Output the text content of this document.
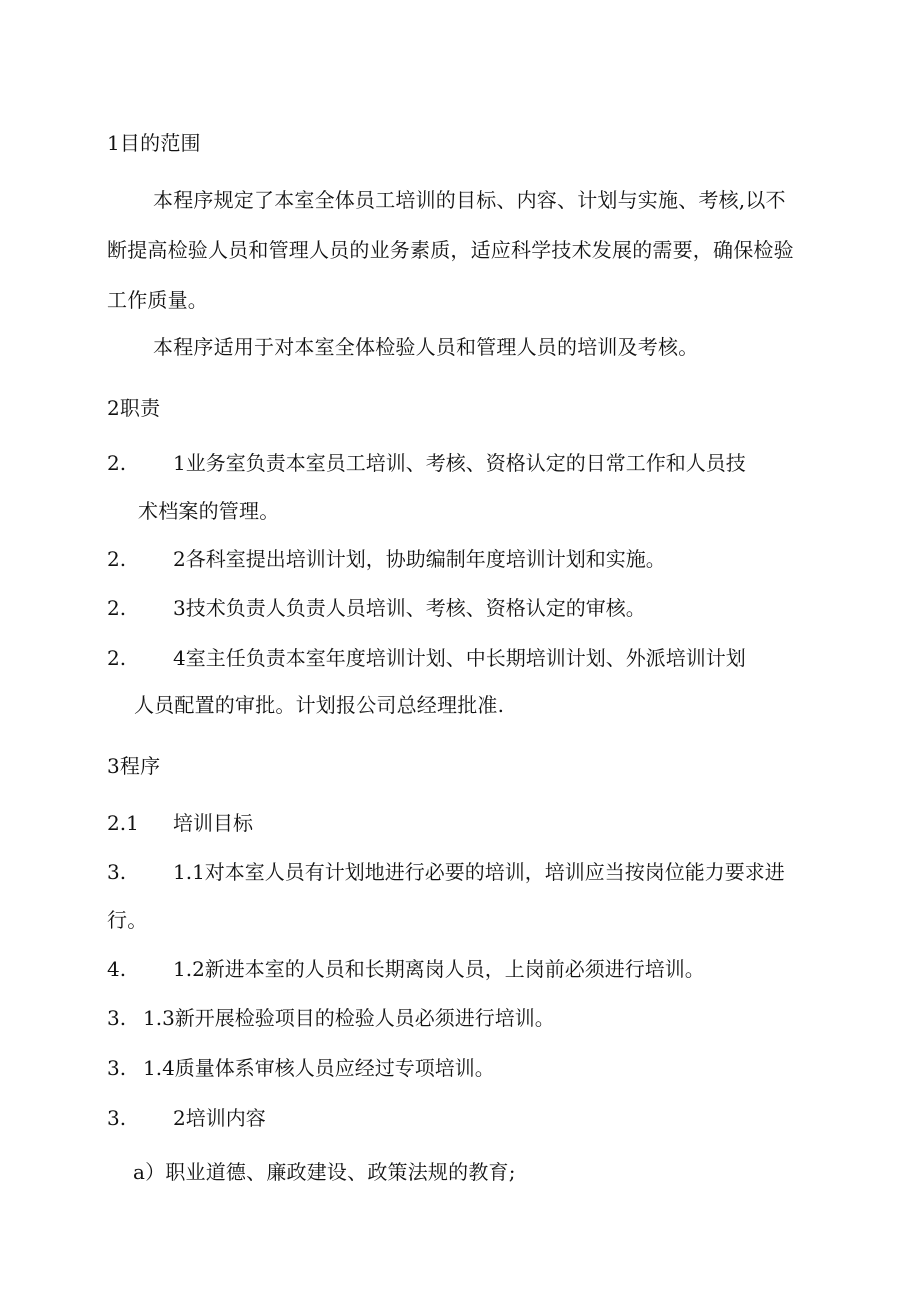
1目的范围
本程序规定了本室全体员工培训的目标、内容、计划与实施、考核,以不
断提高检验人员和管理人员的业务素质，适应科学技术发展的需要，确保检验
工作质量。
本程序适用于对本室全体检验人员和管理人员的培训及考核。
2职责
2.	1业务室负责本室员工培训、考核、资格认定的日常工作和人员技
术档案的管理。
2.	2各科室提出培训计划，协助编制年度培训计划和实施。
2.	3技术负责人负责人员培训、考核、资格认定的审核。
2.	4室主任负责本室年度培训计划、中长期培训计划、外派培训计划
人员配置的审批。计划报公司总经理批准.
3程序
2.1	培训目标
3.	1.1对本室人员有计划地进行必要的培训，培训应当按岗位能力要求进
行。
4.	1.2新进本室的人员和长期离岗人员，上岗前必须进行培训。
3. 1.3新开展检验项目的检验人员必须进行培训。
3. 1.4质量体系审核人员应经过专项培训。
3.	2培训内容
a）职业道德、廉政建设、政策法规的教育;
